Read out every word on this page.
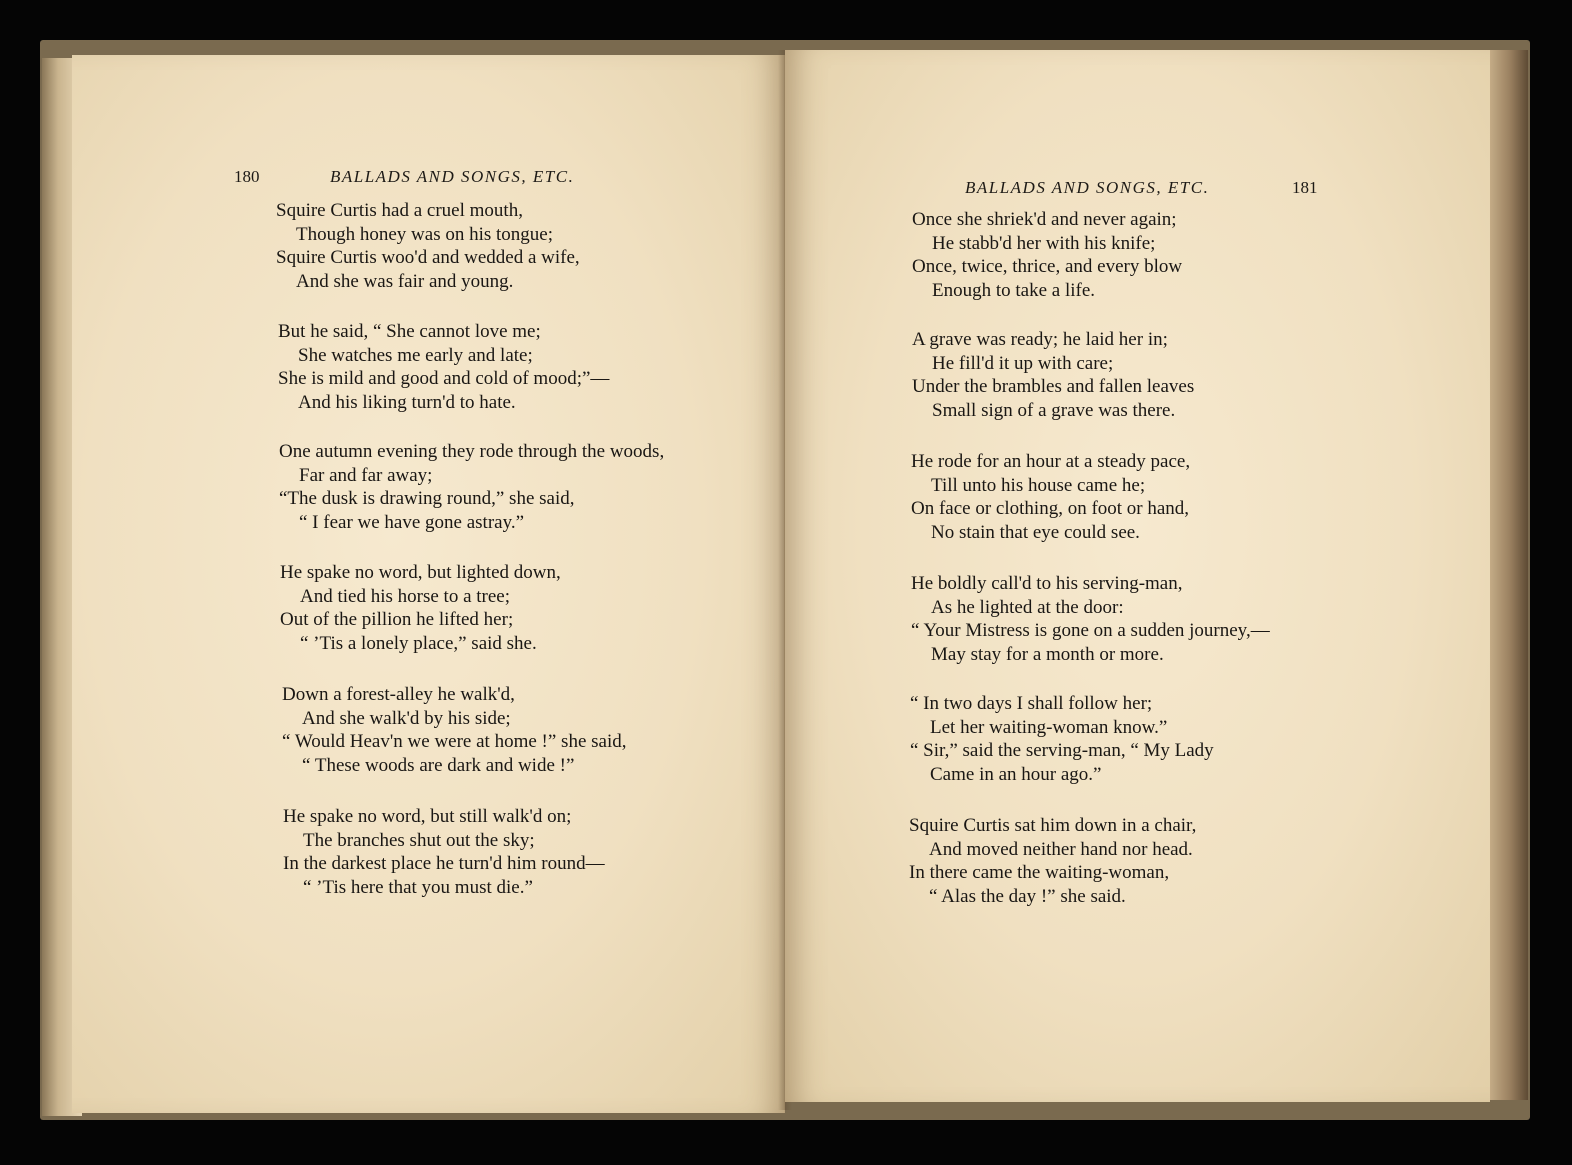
180	BALLADS AND SONGS, ETC.
Squire Curtis had a cruel mouth,
Though honey was on his tongue;
Squire Curtis woo'd and wedded a wife,
And she was fair and young.
But he said, “ She cannot love me;
She watches me early and late;
She is mild and good and cold of mood;”—
And his liking turn'd to hate.
One autumn evening they rode through the woods,
Far and far away;
“The dusk is drawing round,” she said,
“ I fear we have gone astray.”
He spake no word, but lighted down,
And tied his horse to a tree;
Out of the pillion he lifted her;
“ ’Tis a lonely place,” said she.
Down a forest-alley he walk'd,
And she walk'd by his side;
“ Would Heav'n we were at home !” she said,
“ These woods are dark and wide !”
He spake no word, but still walk'd on;
The branches shut out the sky;
In the darkest place he turn'd him round—
“ ’Tis here that you must die.”
BALLADS AND SONGS, ETC.	181
Once she shriek'd and never again;
He stabb'd her with his knife;
Once, twice, thrice, and every blow
Enough to take a life.
A grave was ready; he laid her in;
He fill'd it up with care;
Under the brambles and fallen leaves
Small sign of a grave was there.
He rode for an hour at a steady pace,
Till unto his house came he;
On face or clothing, on foot or hand,
No stain that eye could see.
He boldly call'd to his serving-man,
As he lighted at the door:
“ Your Mistress is gone on a sudden journey,—
May stay for a month or more.
“ In two days I shall follow her;
Let her waiting-woman know.”
“ Sir,” said the serving-man, “ My Lady
Came in an hour ago.”
Squire Curtis sat him down in a chair,
And moved neither hand nor head.
In there came the waiting-woman,
“ Alas the day !” she said.
